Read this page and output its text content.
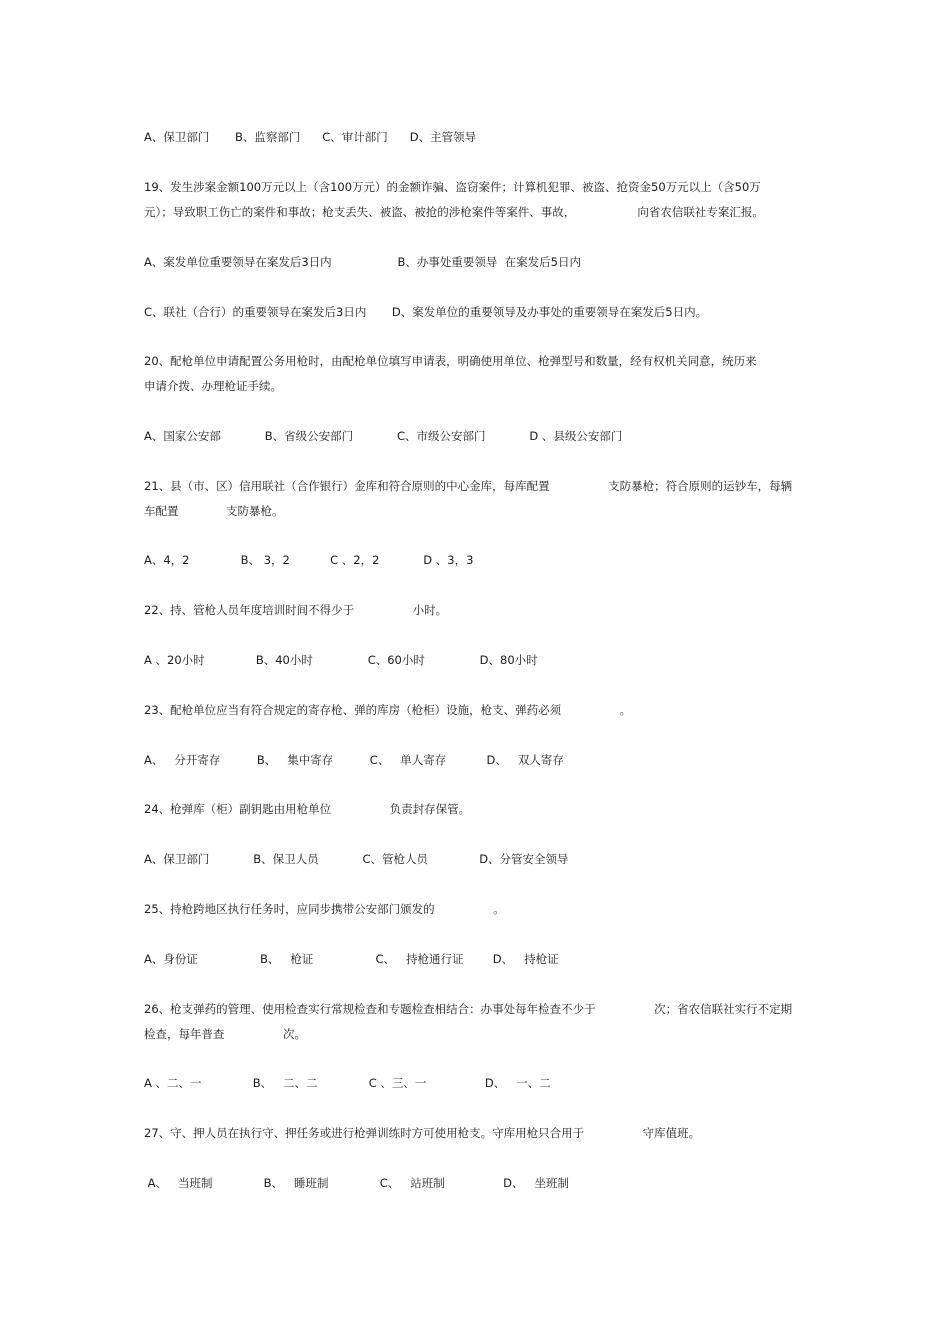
A、保卫部门       B、监察部门      C、审计部门      D、主管领导
19、发生涉案金额100万元以上（含100万元）的金额诈骗、盗窃案件；计算机犯罪、被盗、抢资金50万元以上（含50万
元）；导致职工伤亡的案件和事故；枪支丢失、被盗、被抢的涉枪案件等案件、事故，                 向省农信联社专案汇报。
A、案发单位重要领导在案发后3日内                  B、办事处重要领导  在案发后5日内
C、联社（合行）的重要领导在案发后3日内       D、案发单位的重要领导及办事处的重要领导在案发后5日内。
20、配枪单位申请配置公务用枪时，由配枪单位填写申请表，明确使用单位、枪弹型号和数量，经有权机关同意，统历来
申请介拨、办理枪证手续。
A、国家公安部            B、省级公安部门            C、市级公安部门            D 、县级公安部门
21、县（市、区）信用联社（合作银行）金库和符合原则的中心金库，每库配置                支防暴枪；符合原则的运钞车，每辆
车配置             支防暴枪。
A、4，2              B、 3，2           C 、2，2            D 、3，3
22、持、管枪人员年度培训时间不得少于                小时。
A 、20小时              B、40小时               C、60小时               D、80小时
23、配枪单位应当有符合规定的寄存枪、弹的库房（枪柜）设施，枪支、弹药必须                。
A、   分开寄存          B、   集中寄存          C、   单人寄存           D、   双人寄存
24、枪弹库（柜）副钥匙由用枪单位                负责封存保管。
A、保卫部门            B、保卫人员            C、管枪人员              D、分管安全领导
25、持枪跨地区执行任务时，应同步携带公安部门颁发的                。
A、身份证                 B、   枪证                 C、   持枪通行证        D、   持枪证
26、枪支弹药的管理、使用检查实行常规检查和专题检查相结合：办事处每年检查不少于                次；省农信联社实行不定期
检查，每年普查                次。
A 、二、一              B、   二、二              C 、三、一                D、   一、二
27、守、押人员在执行守、押任务或进行枪弹训练时方可使用枪支。守库用枪只合用于                守库值班。
A、   当班制              B、   睡班制              C、   站班制                D、   坐班制
